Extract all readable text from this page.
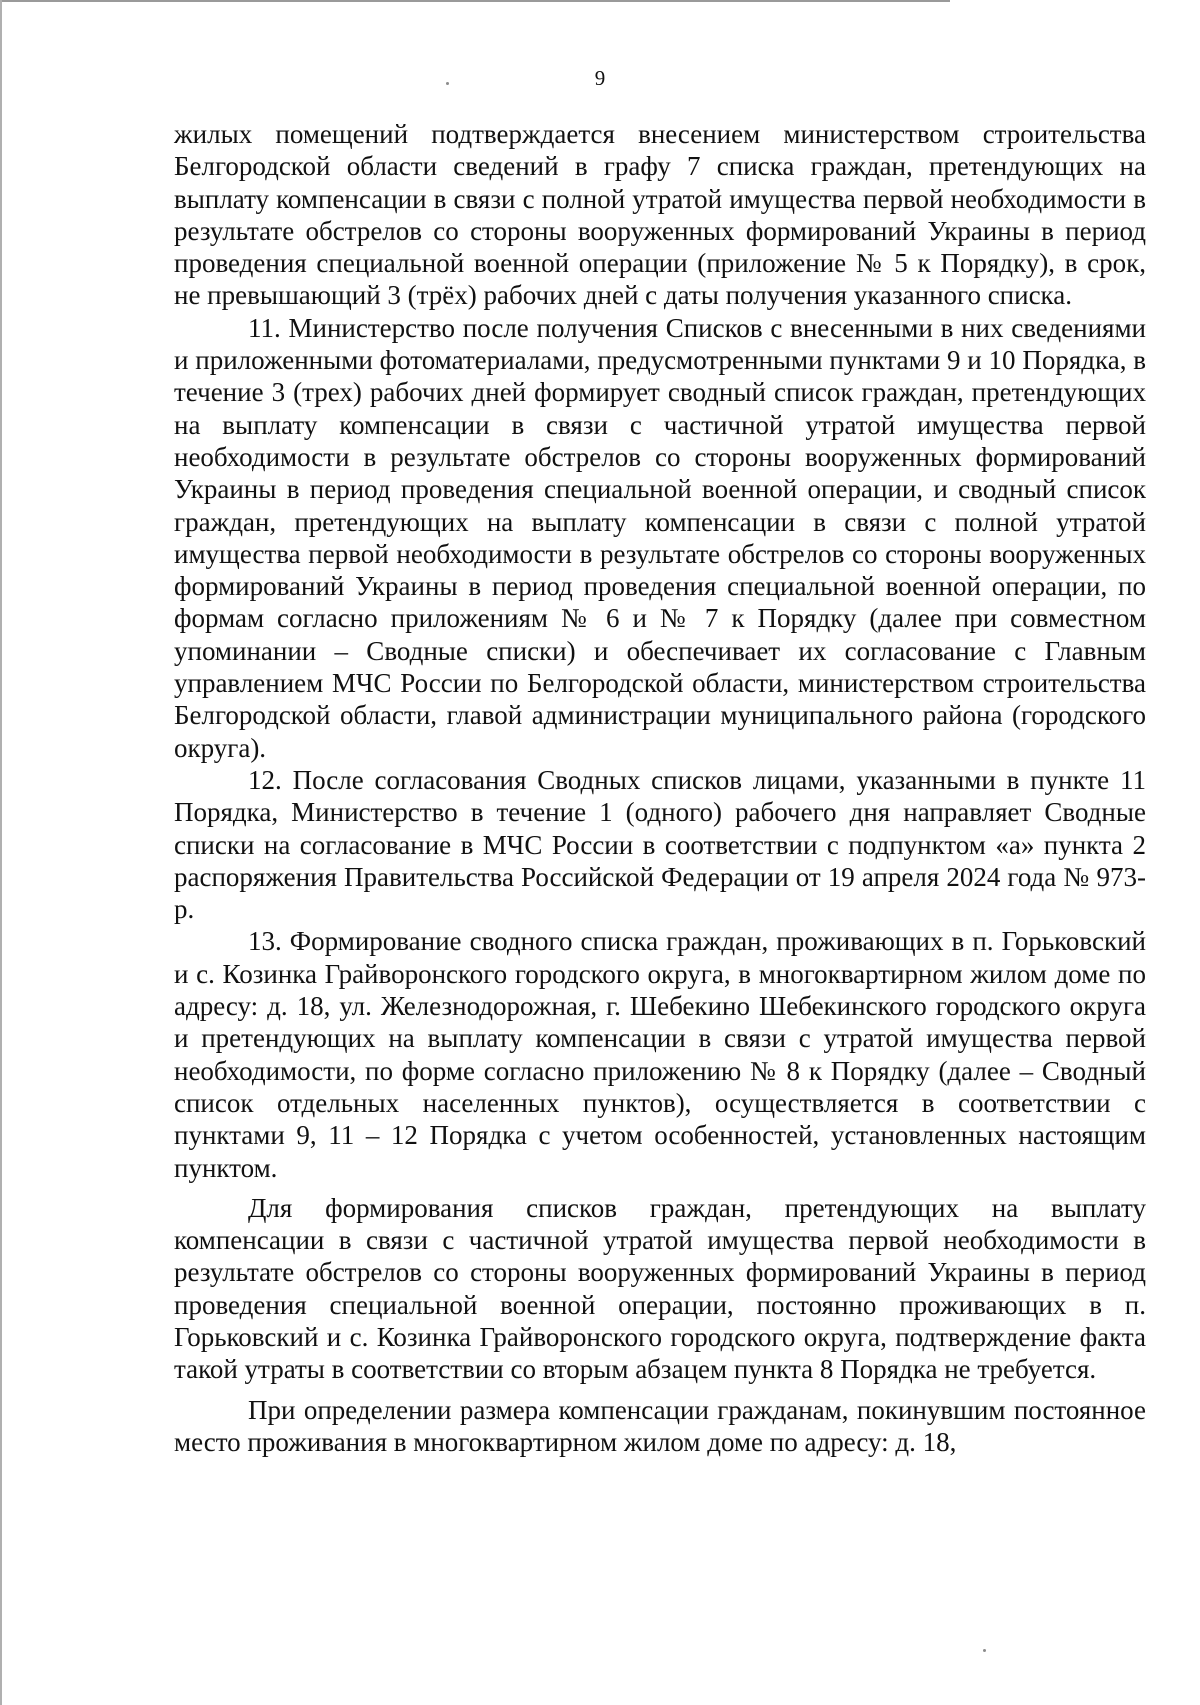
9

жилых помещений подтверждается внесением министерством строительства Белгородской области сведений в графу 7 списка граждан, претендующих на выплату компенсации в связи с полной утратой имущества первой необходимости в результате обстрелов со стороны вооруженных формирований Украины в период проведения специальной военной операции (приложение № 5 к Порядку), в срок, не превышающий 3 (трёх) рабочих дней с даты получения указанного списка.

11. Министерство после получения Списков с внесенными в них сведениями и приложенными фотоматериалами, предусмотренными пунктами 9 и 10 Порядка, в течение 3 (трех) рабочих дней формирует сводный список граждан, претендующих на выплату компенсации в связи с частичной утратой имущества первой необходимости в результате обстрелов со стороны вооруженных формирований Украины в период проведения специальной военной операции, и сводный список граждан, претендующих на выплату компенсации в связи с полной утратой имущества первой необходимости в результате обстрелов со стороны вооруженных формирований Украины в период проведения специальной военной операции, по формам согласно приложениям № 6 и № 7 к Порядку (далее при совместном упоминании – Сводные списки) и обеспечивает их согласование с Главным управлением МЧС России по Белгородской области, министерством строительства Белгородской области, главой администрации муниципального района (городского округа).

12. После согласования Сводных списков лицами, указанными в пункте 11 Порядка, Министерство в течение 1 (одного) рабочего дня направляет Сводные списки на согласование в МЧС России в соответствии с подпунктом «а» пункта 2 распоряжения Правительства Российской Федерации от 19 апреля 2024 года № 973-р.

13. Формирование сводного списка граждан, проживающих в п. Горьковский и с. Козинка Грайворонского городского округа, в многоквартирном жилом доме по адресу: д. 18, ул. Железнодорожная, г. Шебекино Шебекинского городского округа и претендующих на выплату компенсации в связи с утратой имущества первой необходимости, по форме согласно приложению № 8 к Порядку (далее – Сводный список отдельных населенных пунктов), осуществляется в соответствии с пунктами 9, 11 – 12 Порядка с учетом особенностей, установленных настоящим пунктом.

Для формирования списков граждан, претендующих на выплату компенсации в связи с частичной утратой имущества первой необходимости в результате обстрелов со стороны вооруженных формирований Украины в период проведения специальной военной операции, постоянно проживающих в п. Горьковский и с. Козинка Грайворонского городского округа, подтверждение факта такой утраты в соответствии со вторым абзацем пункта 8 Порядка не требуется.

При определении размера компенсации гражданам, покинувшим постоянное место проживания в многоквартирном жилом доме по адресу: д. 18,
